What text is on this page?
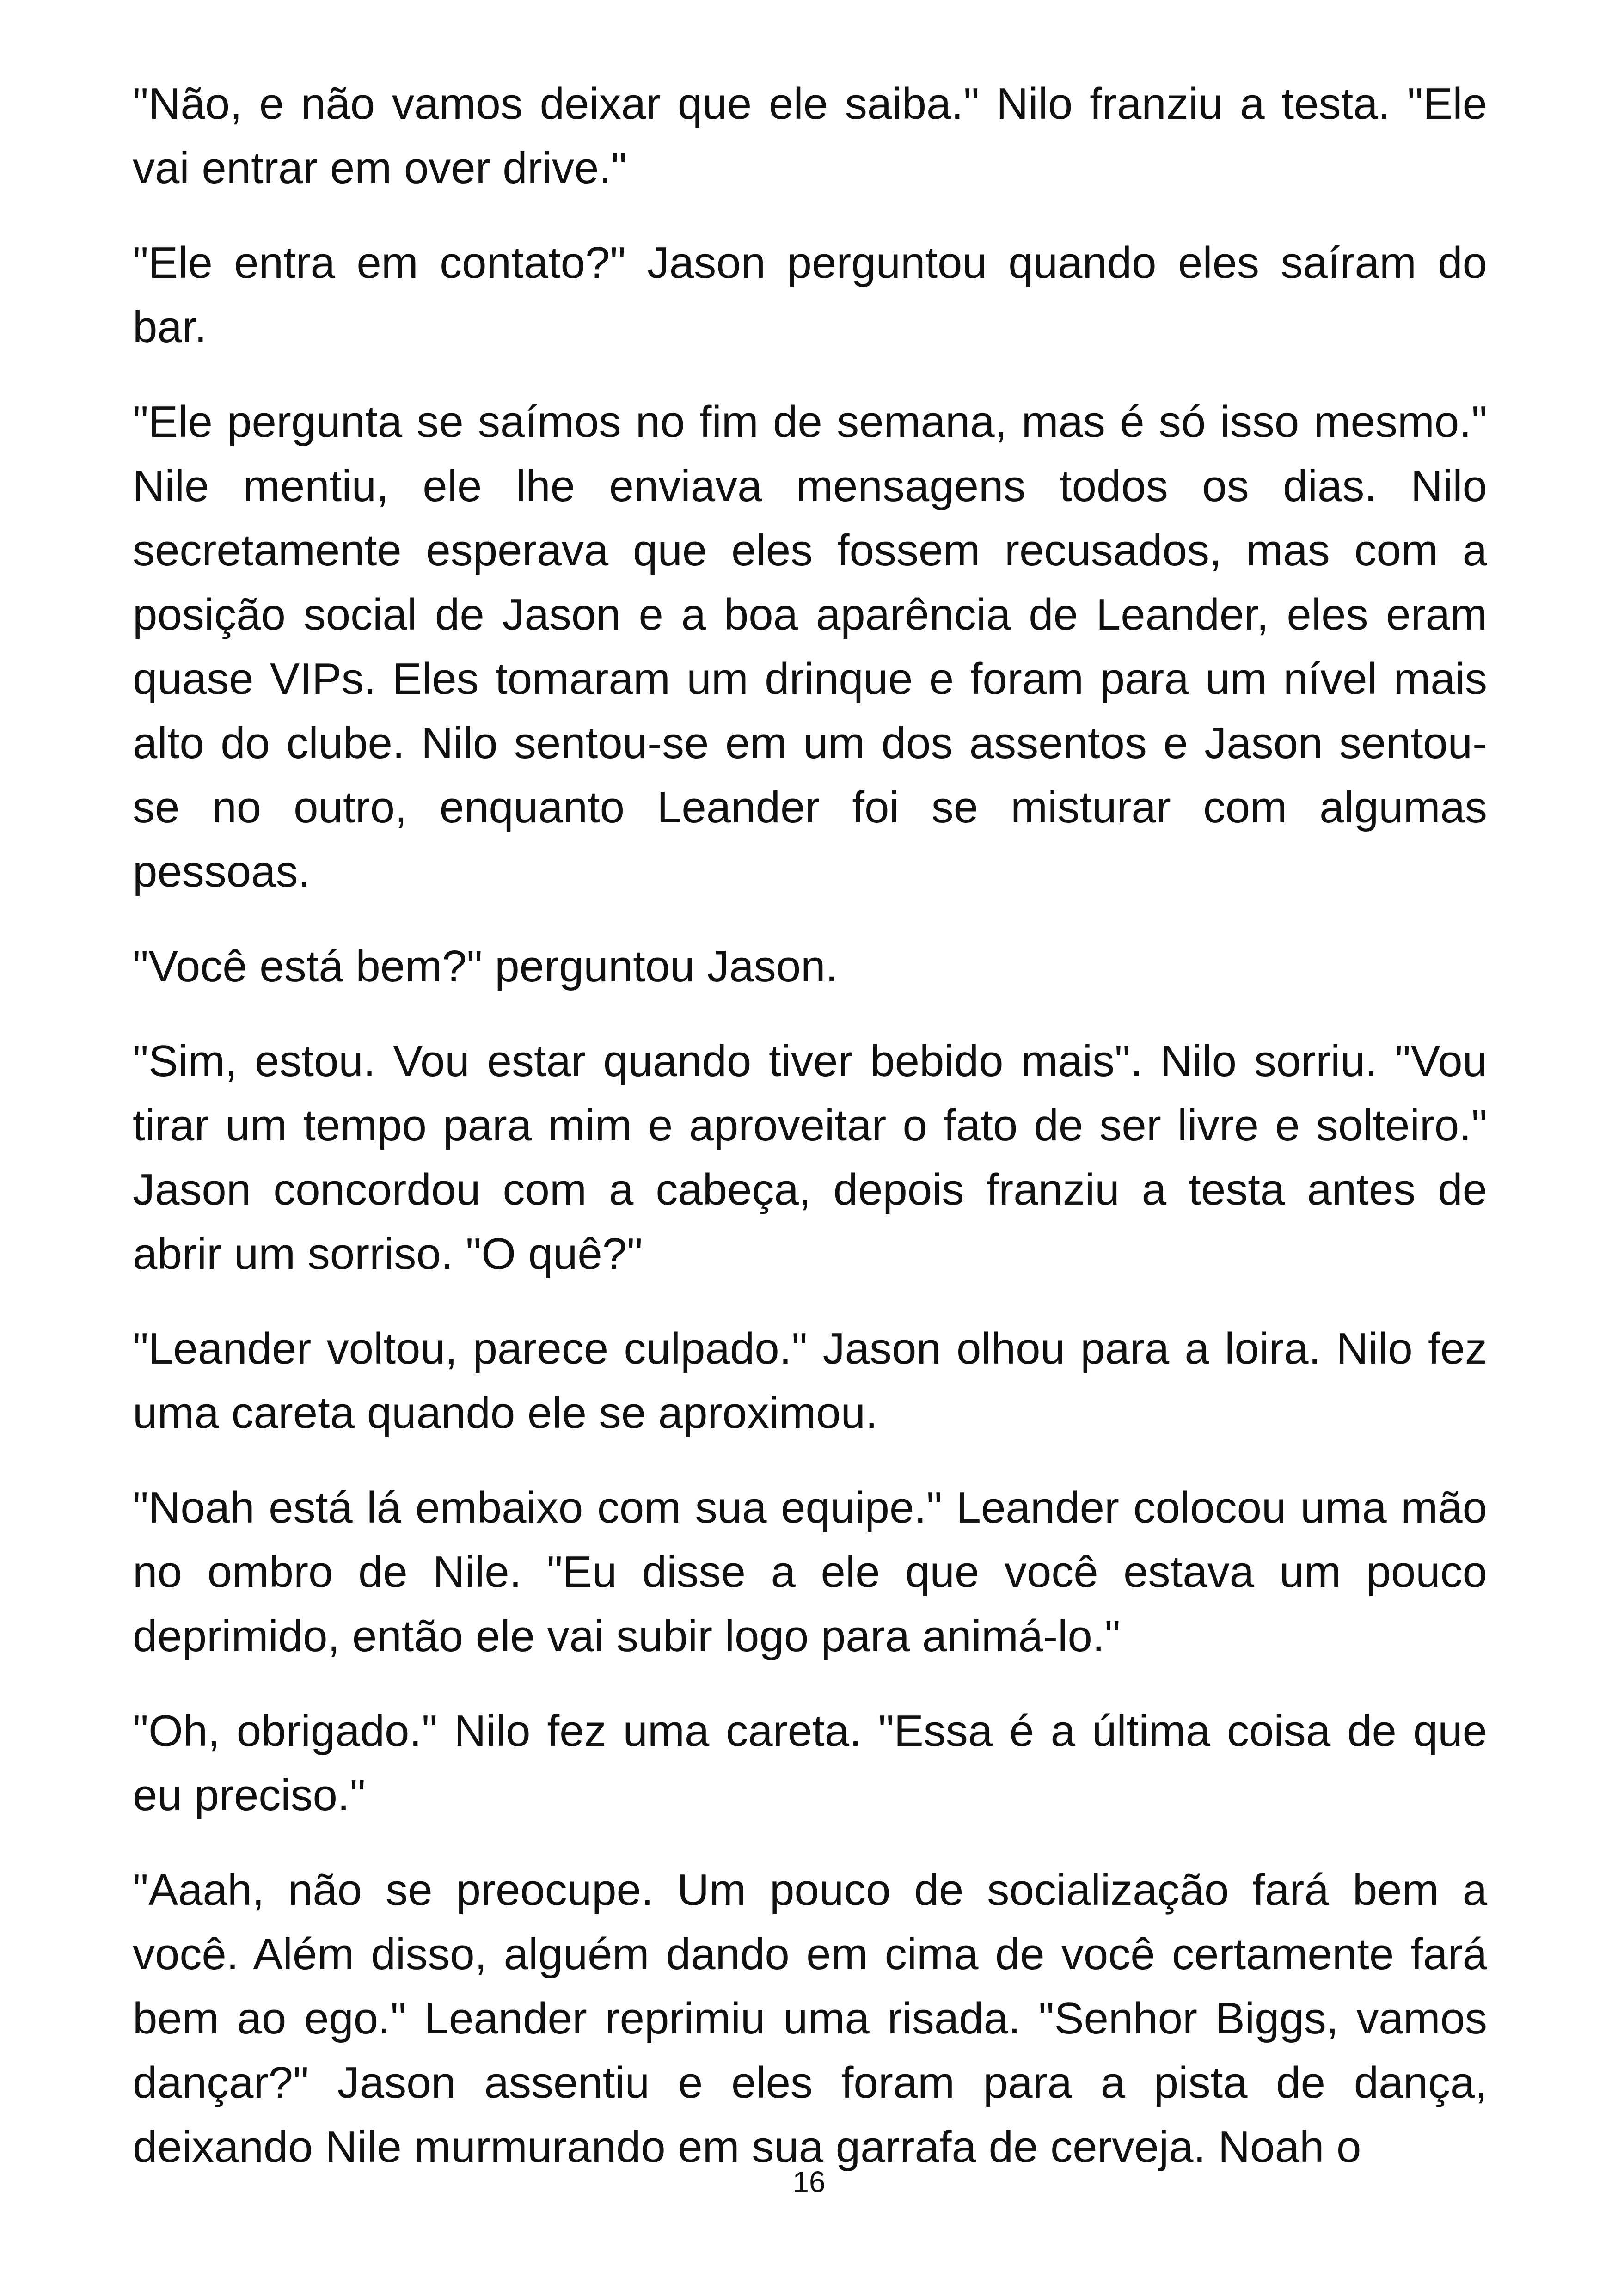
"Não, e não vamos deixar que ele saiba." Nilo franziu a testa. "Ele vai entrar em over drive."

"Ele entra em contato?" Jason perguntou quando eles saíram do bar.

"Ele pergunta se saímos no fim de semana, mas é só isso mesmo." Nile mentiu, ele lhe enviava mensagens todos os dias. Nilo secretamente esperava que eles fossem recusados, mas com a posição social de Jason e a boa aparência de Leander, eles eram quase VIPs. Eles tomaram um drinque e foram para um nível mais alto do clube. Nilo sentou-se em um dos assentos e Jason sentou-se no outro, enquanto Leander foi se misturar com algumas pessoas.

"Você está bem?" perguntou Jason.

"Sim, estou. Vou estar quando tiver bebido mais". Nilo sorriu. "Vou tirar um tempo para mim e aproveitar o fato de ser livre e solteiro." Jason concordou com a cabeça, depois franziu a testa antes de abrir um sorriso. "O quê?"

"Leander voltou, parece culpado." Jason olhou para a loira. Nilo fez uma careta quando ele se aproximou.

"Noah está lá embaixo com sua equipe." Leander colocou uma mão no ombro de Nile. "Eu disse a ele que você estava um pouco deprimido, então ele vai subir logo para animá-lo."

"Oh, obrigado." Nilo fez uma careta. "Essa é a última coisa de que eu preciso."

"Aaah, não se preocupe. Um pouco de socialização fará bem a você. Além disso, alguém dando em cima de você certamente fará bem ao ego." Leander reprimiu uma risada. "Senhor Biggs, vamos dançar?" Jason assentiu e eles foram para a pista de dança, deixando Nile murmurando em sua garrafa de cerveja. Noah o

16
